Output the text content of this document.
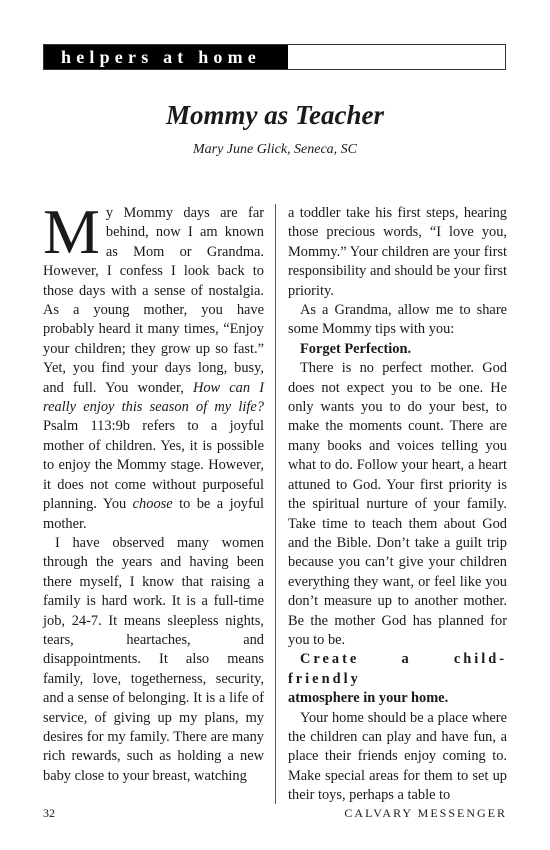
helpers at home
Mommy as Teacher

Mary June Glick, Seneca, SC

My Mommy days are far behind, now I am known as Mom or Grandma. However, I confess I look back to those days with a sense of nostalgia. As a young mother, you have probably heard it many times, “Enjoy your children; they grow up so fast.” Yet, you find your days long, busy, and full. You wonder, How can I really enjoy this season of my life? Psalm 113:9b refers to a joyful mother of children. Yes, it is possible to enjoy the Mommy stage. However, it does not come without purposeful planning. You choose to be a joyful mother.

I have observed many women through the years and having been there myself, I know that raising a family is hard work. It is a full-time job, 24-7. It means sleepless nights, tears, heartaches, and disappointments. It also means family, love, togetherness, security, and a sense of belonging. It is a life of service, of giving up my plans, my desires for my family. There are many rich rewards, such as holding a new baby close to your breast, watching

a toddler take his first steps, hearing those precious words, “I love you, Mommy.” Your children are your first responsibility and should be your first priority.

As a Grandma, allow me to share some Mommy tips with you:

Forget Perfection.

There is no perfect mother. God does not expect you to be one. He only wants you to do your best, to make the moments count. There are many books and voices telling you what to do. Follow your heart, a heart attuned to God. Your first priority is the spiritual nurture of your family. Take time to teach them about God and the Bible. Don’t take a guilt trip because you can’t give your children everything they want, or feel like you don’t measure up to another mother. Be the mother God has planned for you to be.

Create a child-friendly

atmosphere in your home.

Your home should be a place where the children can play and have fun, a place their friends enjoy coming to. Make special areas for them to set up their toys, perhaps a table to

32	CALVARY MESSENGER
